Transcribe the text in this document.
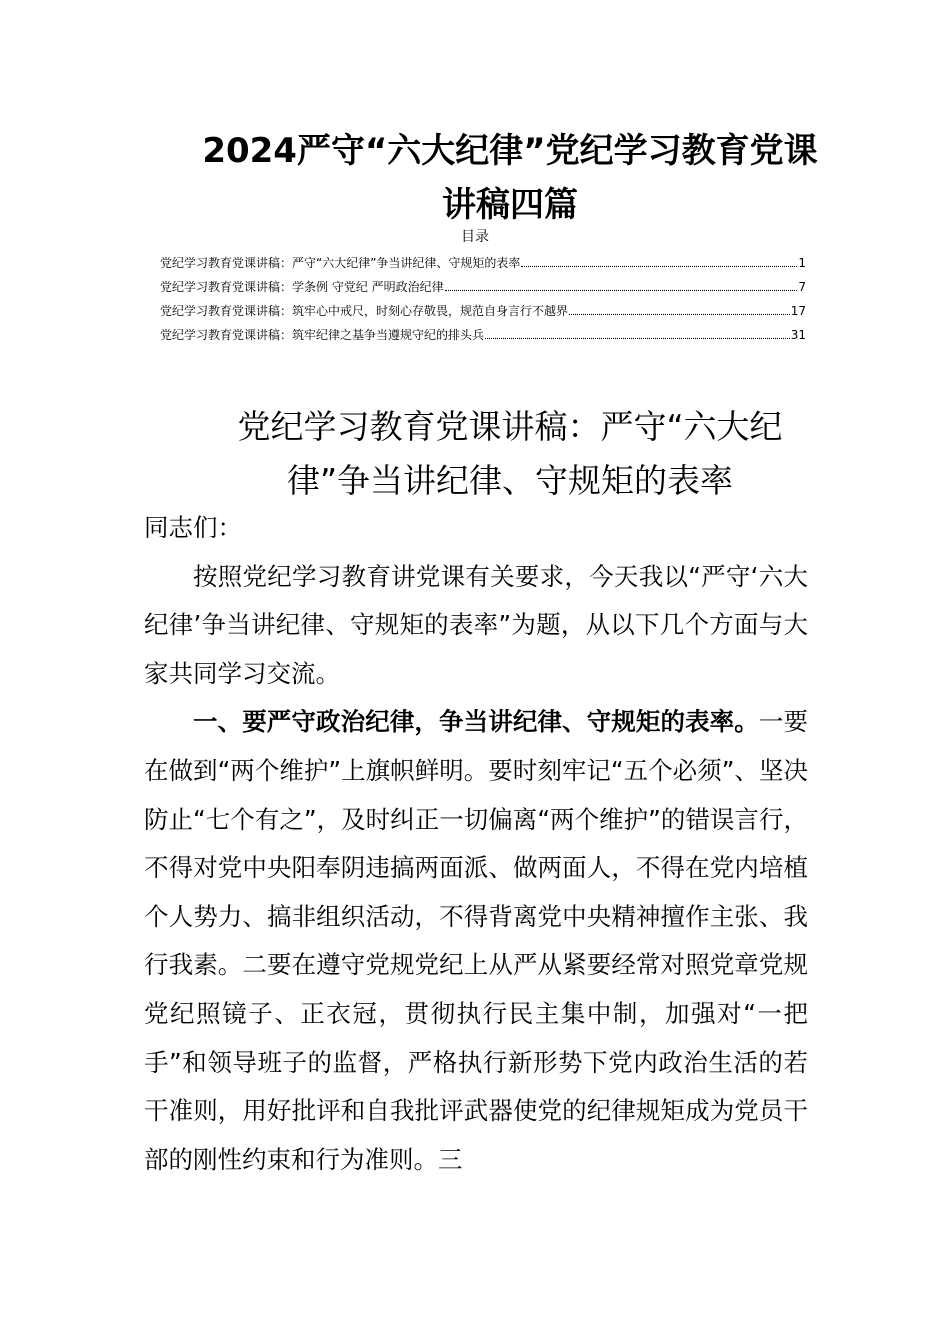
2024严守“六大纪律”党纪学习教育党课讲稿四篇
目录
党纪学习教育党课讲稿：严守“六大纪律”争当讲纪律、守规矩的表率	1
党纪学习教育党课讲稿：学条例 守党纪 严明政治纪律	7
党纪学习教育党课讲稿：筑牢心中戒尺，时刻心存敬畏，规范自身言行不越界	17
党纪学习教育党课讲稿：筑牢纪律之基争当遵规守纪的排头兵	31
党纪学习教育党课讲稿：严守“六大纪律”争当讲纪律、守规矩的表率

同志们：

按照党纪学习教育讲党课有关要求，今天我以“严守‘六大纪律’争当讲纪律、守规矩的表率”为题，从以下几个方面与大家共同学习交流。

一、要严守政治纪律，争当讲纪律、守规矩的表率。一要在做到“两个维护”上旗帜鲜明。要时刻牢记“五个必须”、坚决防止“七个有之”，及时纠正一切偏离“两个维护”的错误言行，不得对党中央阳奉阴违搞两面派、做两面人，不得在党内培植个人势力、搞非组织活动，不得背离党中央精神擅作主张、我行我素。二要在遵守党规党纪上从严从紧要经常对照党章党规党纪照镜子、正衣冠，贯彻执行民主集中制，加强对“一把手”和领导班子的监督，严格执行新形势下党内政治生活的若干准则，用好批评和自我批评武器使党的纪律规矩成为党员干部的刚性约束和行为准则。三
